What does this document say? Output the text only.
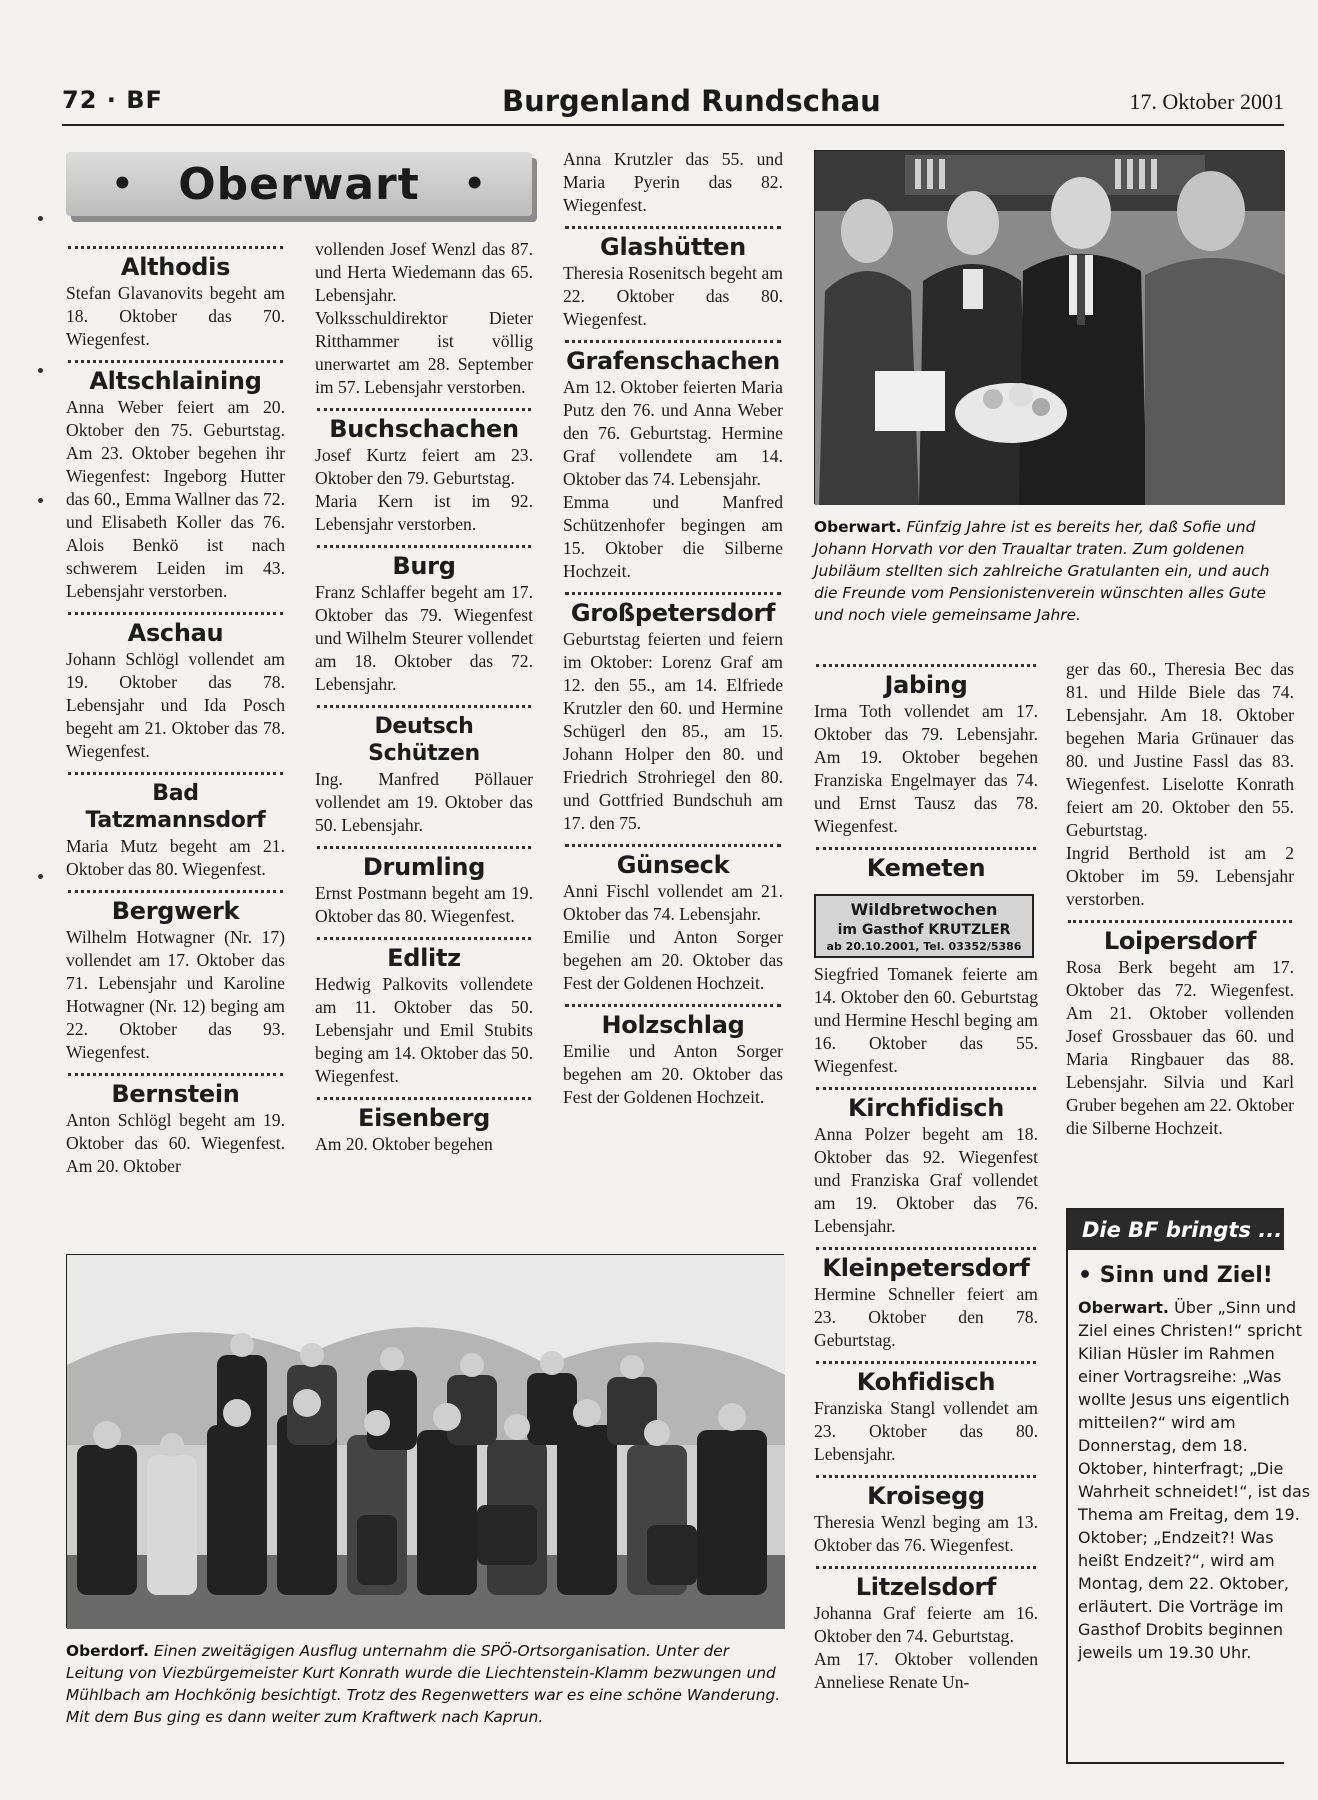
72 · BF	Burgenland Rundschau	17. Oktober 2001
• Oberwart •
Althodis

Stefan Glavanovits begeht am 18. Oktober das 70. Wiegenfest.

Altschlaining

Anna Weber feiert am 20. Oktober den 75. Geburtstag. Am 23. Oktober begehen ihr Wiegenfest: Ingeborg Hutter das 60., Emma Wallner das 72. und Elisabeth Koller das 76. Alois Benkö ist nach schwerem Leiden im 43. Lebensjahr verstorben.

Aschau

Johann Schlögl vollendet am 19. Oktober das 78. Lebensjahr und Ida Posch begeht am 21. Oktober das 78. Wiegenfest.

Bad Tatzmannsdorf

Maria Mutz begeht am 21. Oktober das 80. Wiegenfest.

Bergwerk

Wilhelm Hotwagner (Nr. 17) vollendet am 17. Oktober das 71. Lebensjahr und Karoline Hotwagner (Nr. 12) beging am 22. Oktober das 93. Wiegenfest.

Bernstein

Anton Schlögl begeht am 19. Oktober das 60. Wiegenfest. Am 20. Oktober

vollenden Josef Wenzl das 87. und Herta Wiedemann das 65. Lebensjahr. Volksschuldirektor Dieter Ritthammer ist völlig unerwartet am 28. September im 57. Lebensjahr verstorben.

Buchschachen

Josef Kurtz feiert am 23. Oktober den 79. Geburtstag.

Maria Kern ist im 92. Lebensjahr verstorben.

Burg

Franz Schlaffer begeht am 17. Oktober das 79. Wiegenfest und Wilhelm Steurer vollendet am 18. Oktober das 72. Lebensjahr.

Deutsch Schützen

Ing. Manfred Pöllauer vollendet am 19. Oktober das 50. Lebensjahr.

Drumling

Ernst Postmann begeht am 19. Oktober das 80. Wiegenfest.

Edlitz

Hedwig Palkovits vollendete am 11. Oktober das 50. Lebensjahr und Emil Stubits beging am 14. Oktober das 50. Wiegenfest.

Eisenberg

Am 20. Oktober begehen

Anna Krutzler das 55. und Maria Pyerin das 82. Wiegenfest.

Glashütten

Theresia Rosenitsch begeht am 22. Oktober das 80. Wiegenfest.

Grafenschachen

Am 12. Oktober feierten Maria Putz den 76. und Anna Weber den 76. Geburtstag. Hermine Graf vollendete am 14. Oktober das 74. Lebensjahr.

Emma und Manfred Schützenhofer begingen am 15. Oktober die Silberne Hochzeit.

Großpetersdorf

Geburtstag feierten und feiern im Oktober: Lorenz Graf am 12. den 55., am 14. Elfriede Krutzler den 60. und Hermine Schügerl den 85., am 15. Johann Holper den 80. und Friedrich Strohriegel den 80. und Gottfried Bundschuh am 17. den 75.

Günseck

Anni Fischl vollendet am 21. Oktober das 74. Lebensjahr.

Emilie und Anton Sorger begehen am 20. Oktober das Fest der Goldenen Hochzeit.

Holzschlag

Emilie und Anton Sorger begehen am 20. Oktober das Fest der Goldenen Hochzeit.

Oberwart. Fünfzig Jahre ist es bereits her, daß Sofie und Johann Horvath vor den Traualtar traten. Zum goldenen Jubiläum stellten sich zahlreiche Gratulanten ein, und auch die Freunde vom Pensionistenverein wünschten alles Gute und noch viele gemeinsame Jahre.
Jabing

Irma Toth vollendet am 17. Oktober das 79. Lebensjahr. Am 19. Oktober begehen Franziska Engelmayer das 74. und Ernst Tausz das 78. Wiegenfest.

Kemeten

Siegfried Tomanek feierte am 14. Oktober den 60. Geburtstag und Hermine Heschl beging am 16. Oktober das 55. Wiegenfest.

Kirchfidisch

Anna Polzer begeht am 18. Oktober das 92. Wiegenfest und Franziska Graf vollendet am 19. Oktober das 76. Lebensjahr.

Kleinpetersdorf

Hermine Schneller feiert am 23. Oktober den 78. Geburtstag.

Kohfidisch

Franziska Stangl vollendet am 23. Oktober das 80. Lebensjahr.

Kroisegg

Theresia Wenzl beging am 13. Oktober das 76. Wiegenfest.

Litzelsdorf

Johanna Graf feierte am 16. Oktober den 74. Geburtstag.

Am 17. Oktober vollenden Anneliese Renate Un-

Wildbretwochen
im Gasthof KRUTZLER
ab 20.10.2001, Tel. 03352/5386

ger das 60., Theresia Bec das 81. und Hilde Biele das 74. Lebensjahr. Am 18. Oktober begehen Maria Grünauer das 80. und Justine Fassl das 83. Wiegenfest. Liselotte Konrath feiert am 20. Oktober den 55. Geburtstag.

Ingrid Berthold ist am 2 Oktober im 59. Lebensjahr verstorben.

Loipersdorf

Rosa Berk begeht am 17. Oktober das 72. Wiegenfest. Am 21. Oktober vollenden Josef Grossbauer das 60. und Maria Ringbauer das 88. Lebensjahr. Silvia und Karl Gruber begehen am 22. Oktober die Silberne Hochzeit.

Oberdorf. Einen zweitägigen Ausflug unternahm die SPÖ-Ortsorganisation. Unter der Leitung von Viezbürgemeister Kurt Konrath wurde die Liechtenstein-Klamm bezwungen und Mühlbach am Hochkönig besichtigt. Trotz des Regenwetters war es eine schöne Wanderung. Mit dem Bus ging es dann weiter zum Kraftwerk nach Kaprun.
Die BF bringts ...
• Sinn und Ziel!
Oberwart. Über „Sinn und Ziel eines Christen!“ spricht Kilian Hüsler im Rahmen einer Vortragsreihe: „Was wollte Jesus uns eigentlich mitteilen?“ wird am Donnerstag, dem 18. Oktober, hinterfragt; „Die Wahrheit schneidet!“, ist das Thema am Freitag, dem 19. Oktober; „Endzeit?! Was heißt Endzeit?“, wird am Montag, dem 22. Oktober, erläutert. Die Vorträge im Gasthof Drobits beginnen jeweils um 19.30 Uhr.
